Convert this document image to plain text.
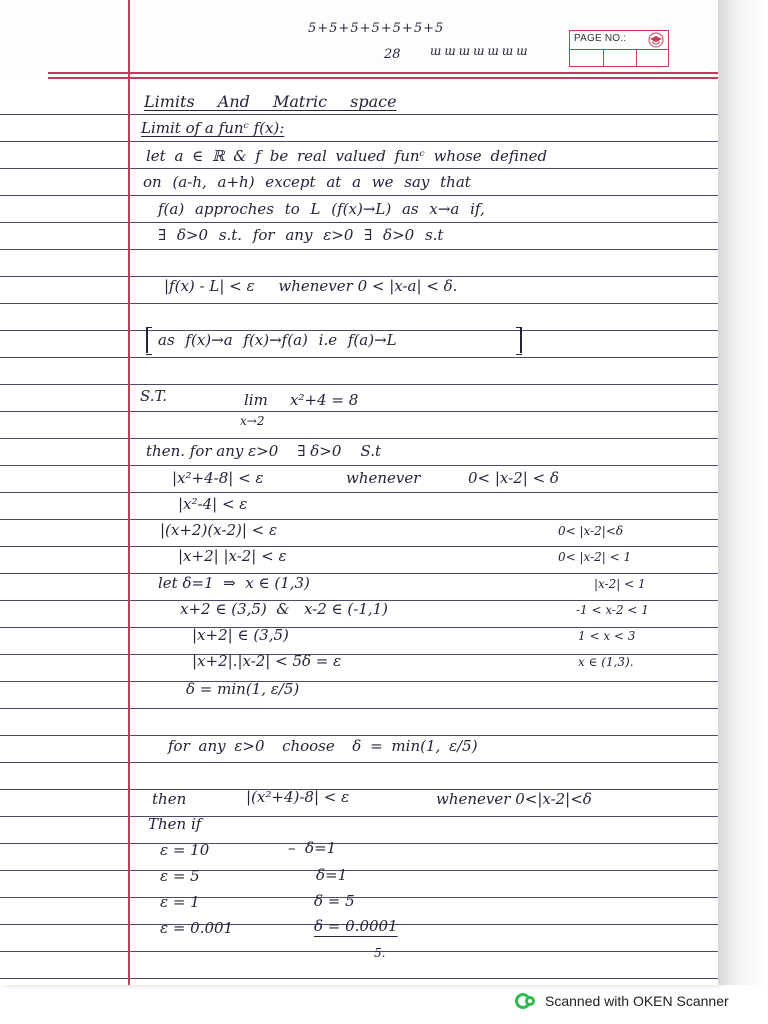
PAGE NO.:
5+5+5+5+5+5+5
28 ɯɯɯɯɯɯɯ
Limits And Matric space
Limit of a funᶜ f(x):
let a ∈ ℝ & f be real valued funᶜ whose defined
on (a-h, a+h) except at a we say that
f(a) approches to L (f(x)→L) as x→a if,
∃ δ>0 s.t. for any ε>0 ∃ δ>0 s.t
|f(x) - L| < ε     whenever 0 < |x-a| < δ.
as f(x)→a f(x)→f(a) i.e f(a)→L
S.T.	lim x²+4 = 8
x→2
then. for any ε>0    ∃ δ>0    S.t
|x²+4-8| < ε	whenever	0< |x-2| < δ
|x²-4| < ε
|(x+2)(x-2)| < ε	0< |x-2|<δ
|x+2| |x-2| < ε	0< |x-2| < 1
let δ=1  ⇒  x ∈ (1,3)	|x-2| < 1
x+2 ∈ (3,5)  &   x-2 ∈ (-1,1)	-1 < x-2 < 1
|x+2| ∈ (3,5)	1 < x < 3
|x+2|.|x-2| < 5δ = ε	x ∈ (1,3).
δ = min(1, ε/5)
for any ε>0  choose  δ = min(1, ε/5)
then	|(x²+4)-8| < ε	whenever 0<|x-2|<δ
Then if
ε = 10	–  δ=1
ε = 5	δ=1
ε = 1	δ = 5
ε = 0.001	δ = 0.0001
5.
Scanned with OKEN Scanner
